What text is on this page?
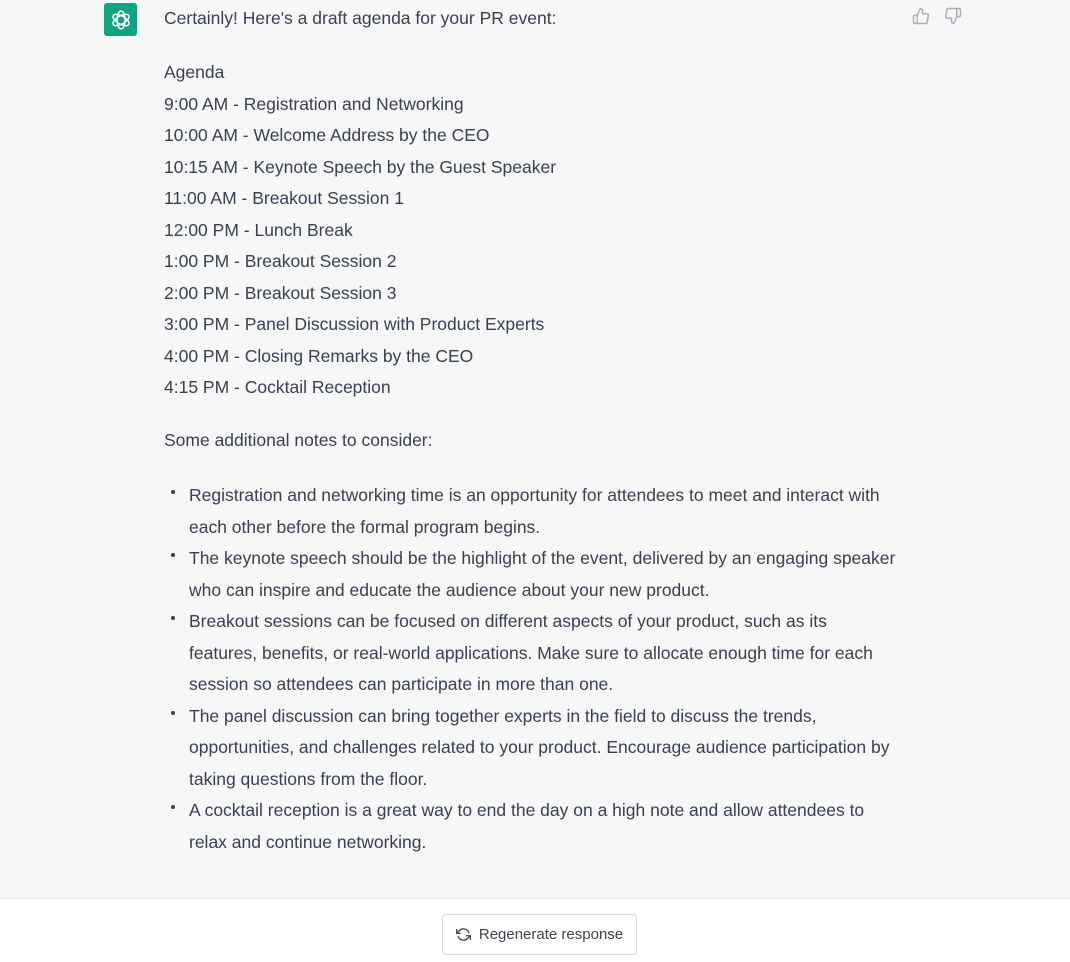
Certainly! Here's a draft agenda for your PR event:
Agenda
9:00 AM - Registration and Networking
10:00 AM - Welcome Address by the CEO
10:15 AM - Keynote Speech by the Guest Speaker
11:00 AM - Breakout Session 1
12:00 PM - Lunch Break
1:00 PM - Breakout Session 2
2:00 PM - Breakout Session 3
3:00 PM - Panel Discussion with Product Experts
4:00 PM - Closing Remarks by the CEO
4:15 PM - Cocktail Reception
Some additional notes to consider:
Registration and networking time is an opportunity for attendees to meet and interact with each other before the formal program begins.
The keynote speech should be the highlight of the event, delivered by an engaging speaker who can inspire and educate the audience about your new product.
Breakout sessions can be focused on different aspects of your product, such as its features, benefits, or real-world applications. Make sure to allocate enough time for each session so attendees can participate in more than one.
The panel discussion can bring together experts in the field to discuss the trends, opportunities, and challenges related to your product. Encourage audience participation by taking questions from the floor.
A cocktail reception is a great way to end the day on a high note and allow attendees to relax and continue networking.
Regenerate response
